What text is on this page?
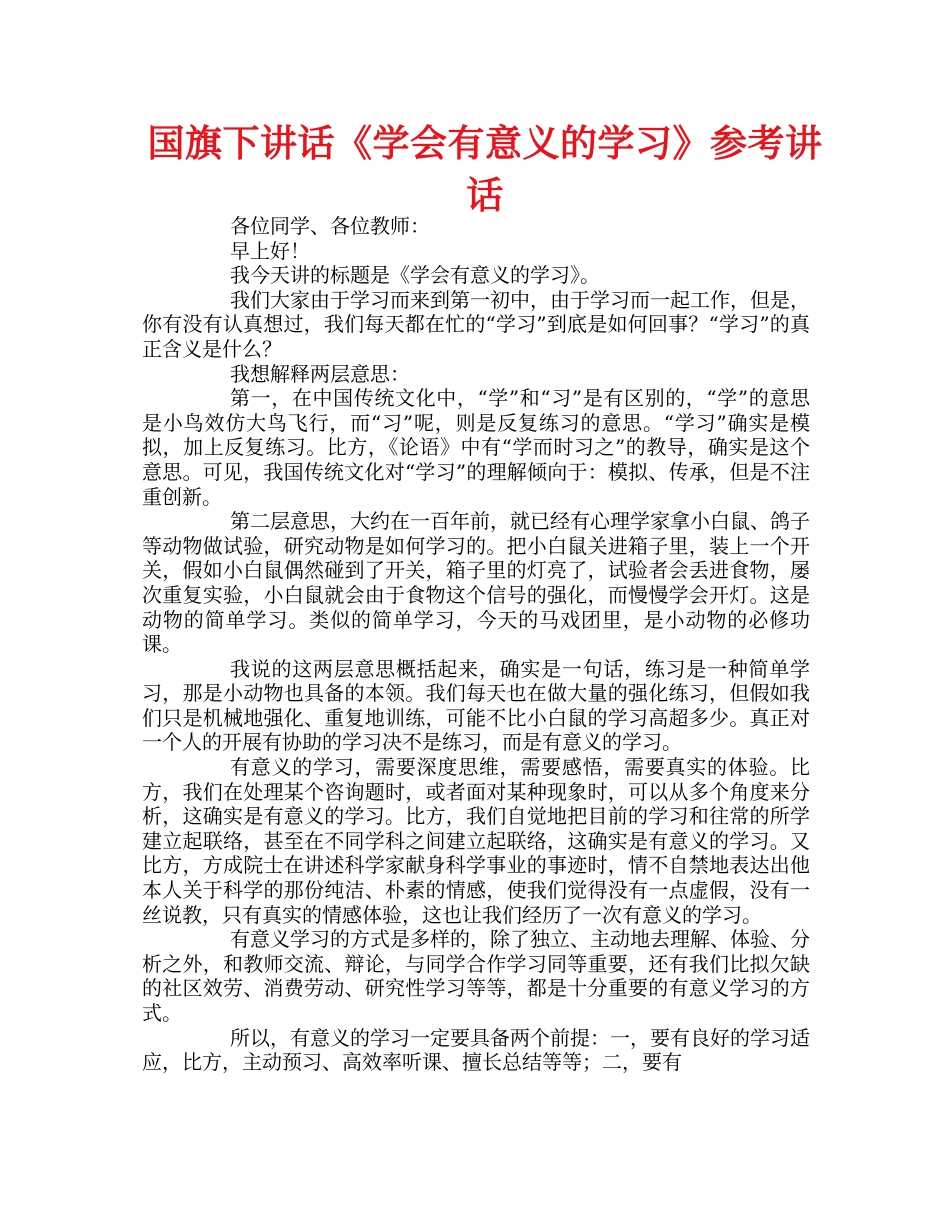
国旗下讲话《学会有意义的学习》参考讲话

各位同学、各位教师：

早上好！

我今天讲的标题是《学会有意义的学习》。

我们大家由于学习而来到第一初中，由于学习而一起工作，但是，你有没有认真想过，我们每天都在忙的“学习”到底是如何回事？“学习”的真正含义是什么？

我想解释两层意思：

第一，在中国传统文化中，“学”和“习”是有区别的，“学”的意思是小鸟效仿大鸟飞行，而“习”呢，则是反复练习的意思。“学习”确实是模拟，加上反复练习。比方，《论语》中有“学而时习之”的教导，确实是这个意思。可见，我国传统文化对“学习”的理解倾向于：模拟、传承，但是不注重创新。

第二层意思，大约在一百年前，就已经有心理学家拿小白鼠、鸽子等动物做试验，研究动物是如何学习的。把小白鼠关进箱子里，装上一个开关，假如小白鼠偶然碰到了开关，箱子里的灯亮了，试验者会丢进食物，屡次重复实验，小白鼠就会由于食物这个信号的强化，而慢慢学会开灯。这是动物的简单学习。类似的简单学习，今天的马戏团里，是小动物的必修功课。

我说的这两层意思概括起来，确实是一句话，练习是一种简单学习，那是小动物也具备的本领。我们每天也在做大量的强化练习，但假如我们只是机械地强化、重复地训练，可能不比小白鼠的学习高超多少。真正对一个人的开展有协助的学习决不是练习，而是有意义的学习。

有意义的学习，需要深度思维，需要感悟，需要真实的体验。比方，我们在处理某个咨询题时，或者面对某种现象时，可以从多个角度来分析，这确实是有意义的学习。比方，我们自觉地把目前的学习和往常的所学建立起联络，甚至在不同学科之间建立起联络，这确实是有意义的学习。又比方，方成院士在讲述科学家献身科学事业的事迹时，情不自禁地表达出他本人关于科学的那份纯洁、朴素的情感，使我们觉得没有一点虚假，没有一丝说教，只有真实的情感体验，这也让我们经历了一次有意义的学习。

有意义学习的方式是多样的，除了独立、主动地去理解、体验、分析之外，和教师交流、辩论，与同学合作学习同等重要，还有我们比拟欠缺的社区效劳、消费劳动、研究性学习等等，都是十分重要的有意义学习的方式。

所以，有意义的学习一定要具备两个前提：一，要有良好的学习适应，比方，主动预习、高效率听课、擅长总结等等；二，要有
